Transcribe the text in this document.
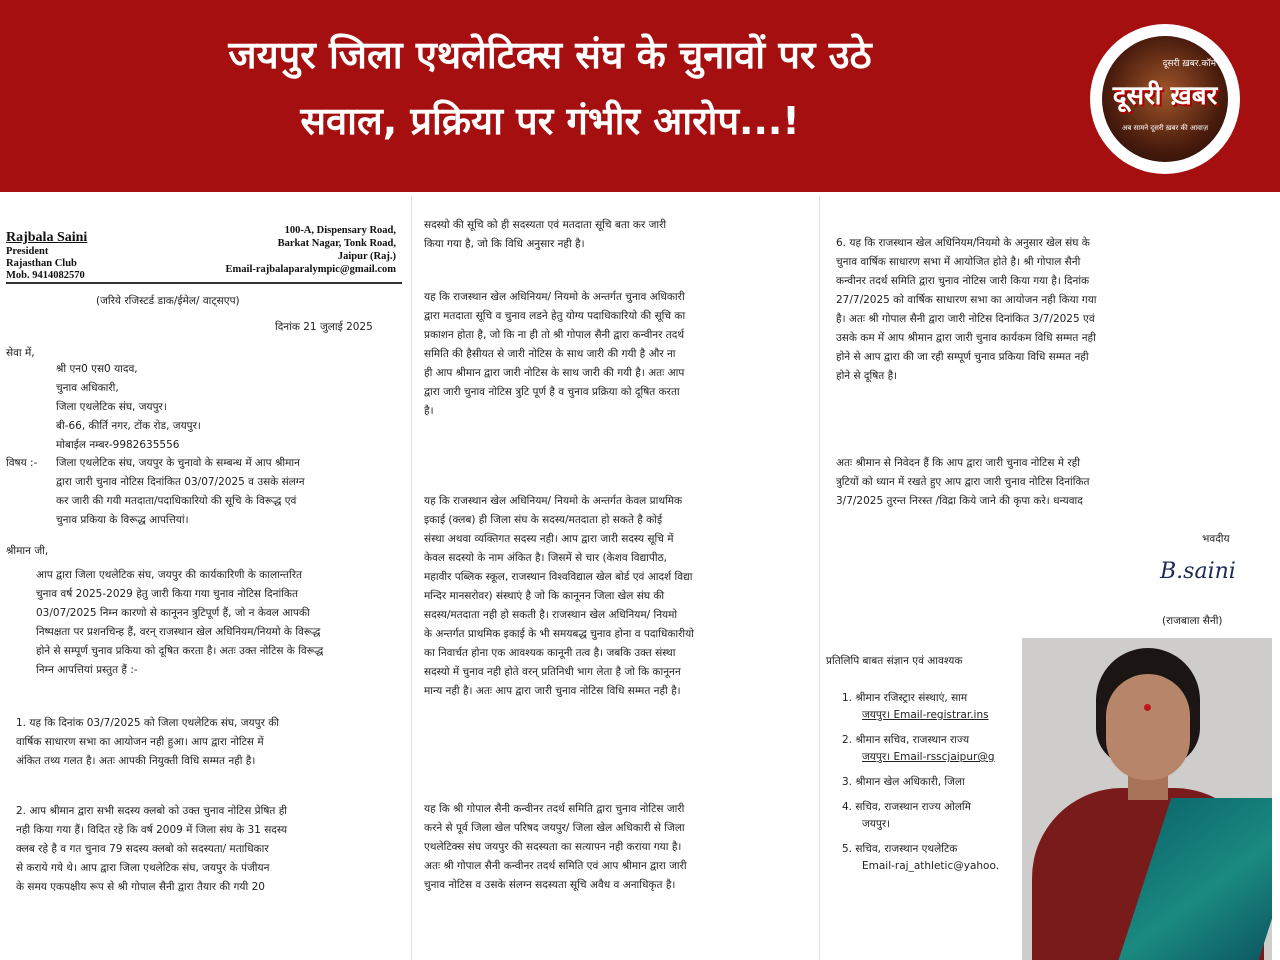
जयपुर जिला एथलेटिक्स संघ के चुनावों पर उठे
सवाल, प्रक्रिया पर गंभीर आरोप...!
दूसरी ख़बर.कॉम
दूसरी ख़बर
अब सामने दूसरी ख़बर की आवाज़
Rajbala Saini
President
Rajasthan Club
Mob. 9414082570
100-A, Dispensary Road,
Barkat Nagar, Tonk Road,
Jaipur (Raj.)
Email-rajbalaparalympic@gmail.com
(जरिये रजिस्टर्ड डाक/ईमेल/ वाट्सएप)
दिनांक 21 जुलाई 2025
सेवा में,
श्री एन0 एस0 यादव,
चुनाव अधिकारी,
जिला एथलेटिक संघ, जयपुर।
बी-66, कीर्ति नगर, टोंक रोड, जयपुर।
मोबाईल नम्बर-9982635556
विषय :- जिला एथलेटिक संघ, जयपुर के चुनावो के सम्बन्ध में आप श्रीमान
द्वारा जारी चुनाव नोटिस दिनांकित 03/07/2025 व उसके संलग्न
कर जारी की गयी मतदाता/पदाधिकारियो की सूचि के विरूद्ध एवं
चुनाव प्रकिया के विरूद्ध आपत्तियां।
श्रीमान जी,
आप द्वारा जिला एथलेटिक संघ, जयपुर की कार्यकारिणी के कालान्तरित
चुनाव वर्ष 2025-2029 हेतु जारी किया गया चुनाव नोटिस दिनांकित
03/07/2025 निम्न कारणो से कानूनन त्रुटिपूर्ण हैं, जो न केवल आपकी
निष्पक्षता पर प्रशनचिन्ह हैं, वरन् राजस्थान खेल अधिनियम/नियमो के विरूद्ध
होने से सम्पूर्ण चुनाव प्रकिया को दूषित करता है। अतः उक्त नोटिस के विरूद्ध
निम्न आपत्तियां प्रस्तुत हैं :-
1. यह कि दिनांक 03/7/2025 को जिला एथलेटिक संघ, जयपुर की
वार्षिक साधारण सभा का आयोजन नही हुआ। आप द्वारा नोटिस में
अंकित तथ्य गलत है। अतः आपकी नियुक्ती विधि सम्मत नही है।
2. आप श्रीमान द्वारा सभी सदस्य क्लबो को उक्त चुनाव नोटिस प्रेषित ही
नही किया गया हैं। विदित रहे कि वर्ष 2009 में जिला संघ के 31 सदस्य
क्लब रहे है व गत चुनाव 79 सदस्य क्लबो को सदस्यता/ मताधिकार
से कराये गये थे। आप द्वारा जिला एथलेटिक संघ, जयपुर के पंजीयन
के समय एकपक्षीय रूप से श्री गोपाल सैनी द्वारा तैयार की गयी 20
सदस्यो की सूचि को ही सदस्यता एवं मतदाता सूचि बता कर जारी
किया गया है, जो कि विधि अनुसार नही है।
यह कि राजस्थान खेल अधिनियम/ नियमो के अन्तर्गत चुनाव अधिकारी
द्वारा मतदाता सूचि व चुनाव लडने हेतु योग्य पदाधिकारियो की सूचि का
प्रकाशन होता है, जो कि ना ही तो श्री गोपाल सैनी द्वारा कन्वीनर तदर्थ
समिति की हैसीयत से जारी नोटिस के साथ जारी की गयी है और ना
ही आप श्रीमान द्वारा जारी नोटिस के साथ जारी की गयी है। अतः आप
द्वारा जारी चुनाव नोटिस त्रुटि पूर्ण है व चुनाव प्रक्रिया को दूषित करता
है।
यह कि राजस्थान खेल अधिनियम/ नियमो के अन्तर्गत केवल प्राथमिक
इकाई (क्लब) ही जिला संघ के सदस्य/मतदाता हो सकते है कोई
संस्था अथवा व्यक्तिगत सदस्य नही। आप द्वारा जारी सदस्य सूचि में
केवल सदस्यो के नाम अंकित है। जिसमें से चार (केशव विद्यापीठ,
महावीर पब्लिक स्कूल, राजस्थान विश्वविद्याल खेल बोर्ड एवं आदर्श विद्या
मन्दिर मानसरोवर) संस्थाएं है जो कि कानूनन जिला खेल संघ की
सदस्य/मतदाता नही हो सकती है। राजस्थान खेल अधिनियम/ नियमो
के अन्तर्गत प्राथमिक इकाई के भी समयबद्ध चुनाव होना व पदाधिकारीयो
का निवार्चत होना एक आवश्यक कानूनी तत्व है। जबकि उक्त संस्था
सदस्यो में चुनाव नही होते वरन् प्रतिनिधी भाग लेता है जो कि कानूनन
मान्य नही है। अतः आप द्वारा जारी चुनाव नोटिस विधि सम्मत नही है।
यह कि श्री गोपाल सैनी कन्वीनर तदर्थ समिति द्वारा चुनाव नोटिस जारी
करने से पूर्व जिला खेल परिषद जयपुर/ जिला खेल अधिकारी से जिला
एथलेटिक्स संघ जयपुर की सदस्यता का सत्यापन नही कराया गया है।
अतः श्री गोपाल सैनी कन्वीनर तदर्थ समिति एवं आप श्रीमान द्वारा जारी
चुनाव नोटिस व उसके संलग्न सदस्यता सूचि अवैध व अनाधिकृत है।
6. यह कि राजस्थान खेल अधिनियम/नियमो के अनुसार खेल संघ के
चुनाव वार्षिक साधारण सभा में आयोजित होते है। श्री गोपाल सैनी
कन्वीनर तदर्थ समिति द्वारा चुनाव नोटिस जारी किया गया है। दिनांक
27/7/2025 को वार्षिक साधारण सभा का आयोजन नही किया गया
है। अतः श्री गोपाल सैनी द्वारा जारी नोटिस दिनांकित 3/7/2025 एवं
उसके कम में आप श्रीमान द्वारा जारी चुनाव कार्यकम विधि सम्मत नही
होने से आप द्वारा की जा रही सम्पूर्ण चुनाव प्रकिया विधि सम्मत नही
होने से दूषित है।
अतः श्रीमान से निवेदन हैं कि आप द्वारा जारी चुनाव नोटिस मे रही
त्रुटियों को ध्यान में रखते हुए आप द्वारा जारी चुनाव नोटिस दिनांकित
3/7/2025 तुरन्त निरस्त /विद्रा किये जाने की कृपा करे। धन्यवाद
भवदीय
B.saini
(राजबाला सैनी)
प्रतिलिपि बाबत संज्ञान एवं आवश्यक
1. श्रीमान रजिस्ट्रार संस्थाएं, साम
जयपुर। Email-registrar.ins
2. श्रीमान सचिव, राजस्थान राज्य
जयपुर। Email-rsscjaipur@g
3. श्रीमान खेल अधिकारी, जिला
4. सचिव, राजस्थान राज्य ओलमि
जयपुर।
5. सचिव, राजस्थान एथलेटिक
Email-raj_athletic@yahoo.
